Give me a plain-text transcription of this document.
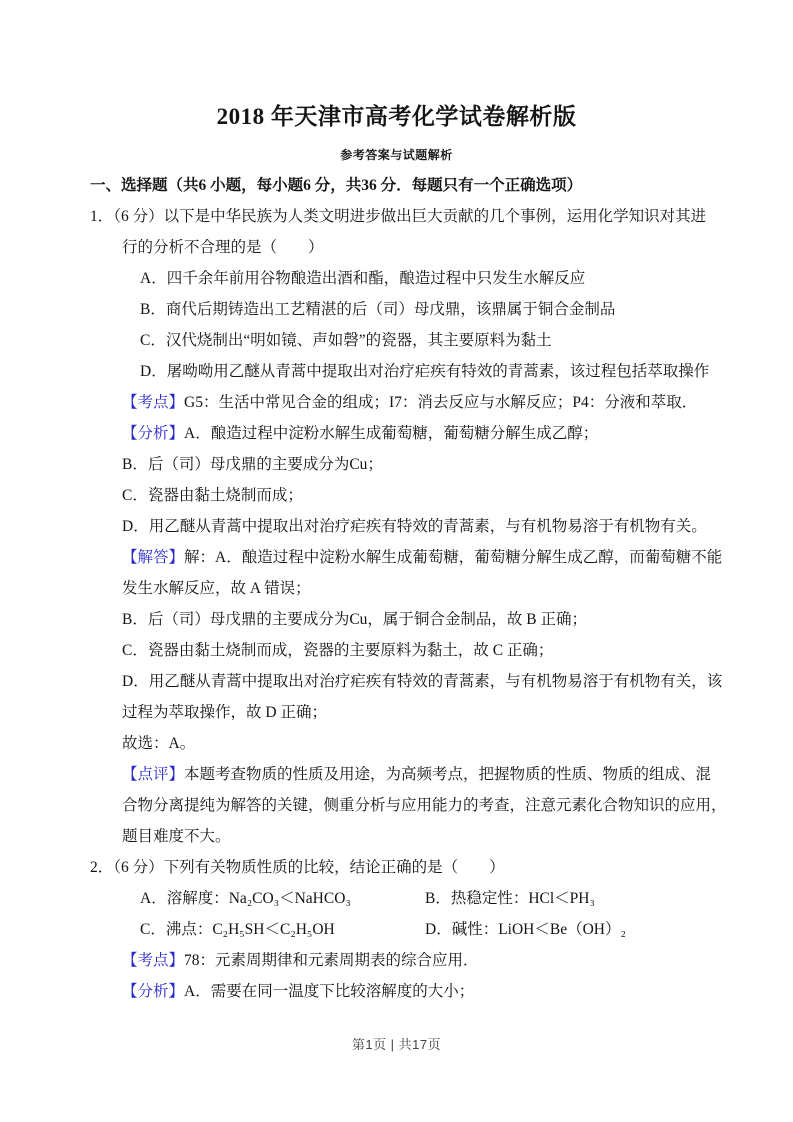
2018 年天津市高考化学试卷解析版
参考答案与试题解析
一、选择题（共6 小题，每小题6 分，共36 分．每题只有一个正确选项）
1．（6 分）以下是中华民族为人类文明进步做出巨大贡献的几个事例，运用化学知识对其进
行的分析不合理的是（　　）
A．四千余年前用谷物酿造出酒和酯，酿造过程中只发生水解反应
B．商代后期铸造出工艺精湛的后（司）母戊鼎，该鼎属于铜合金制品
C．汉代烧制出“明如镜、声如磬”的瓷器，其主要原料为黏土
D．屠呦呦用乙醚从青蒿中提取出对治疗疟疾有特效的青蒿素，该过程包括萃取操作
【考点】G5：生活中常见合金的组成；I7：消去反应与水解反应；P4：分液和萃取．
【分析】A．酿造过程中淀粉水解生成葡萄糖，葡萄糖分解生成乙醇；
B．后（司）母戊鼎的主要成分为Cu；
C．瓷器由黏土烧制而成；
D．用乙醚从青蒿中提取出对治疗疟疾有特效的青蒿素，与有机物易溶于有机物有关。
【解答】解：A．酿造过程中淀粉水解生成葡萄糖，葡萄糖分解生成乙醇，而葡萄糖不能
发生水解反应，故 A 错误；
B．后（司）母戊鼎的主要成分为Cu，属于铜合金制品，故 B 正确；
C．瓷器由黏土烧制而成，瓷器的主要原料为黏土，故 C 正确；
D．用乙醚从青蒿中提取出对治疗疟疾有特效的青蒿素，与有机物易溶于有机物有关，该
过程为萃取操作，故 D 正确；
故选：A。
【点评】本题考查物质的性质及用途，为高频考点，把握物质的性质、物质的组成、混
合物分离提纯为解答的关键，侧重分析与应用能力的考查，注意元素化合物知识的应用，
题目难度不大。
2．（6 分）下列有关物质性质的比较，结论正确的是（　　）
A．溶解度：Na₂CO₃＜NaHCO₃	B．热稳定性：HCl＜PH₃
C．沸点：C₂H₅SH＜C₂H₅OH	D．碱性：LiOH＜Be（OH）₂
【考点】78：元素周期律和元素周期表的综合应用．
【分析】A．需要在同一温度下比较溶解度的大小；
第1页 | 共17页
